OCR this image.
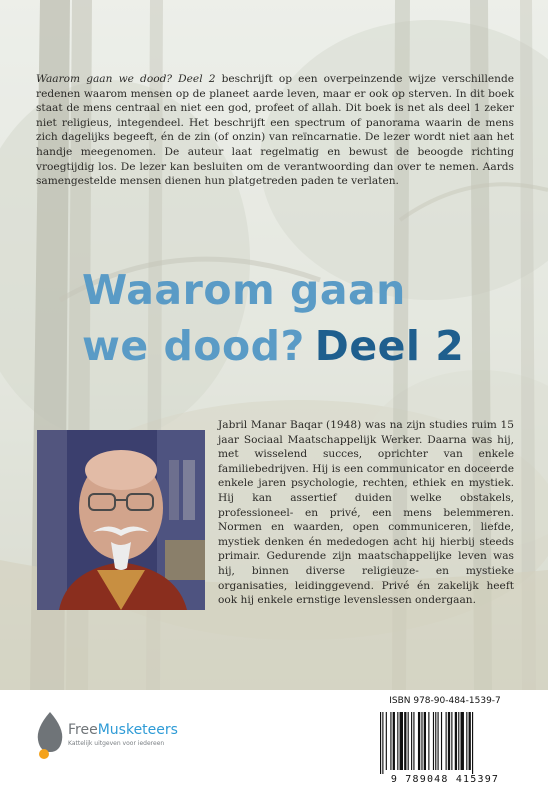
Waarom gaan we dood? Deel 2 beschrijft op een overpeinzende wijze verschillende redenen waarom mensen op de planeet aarde leven, maar er ook op sterven. In dit boek staat de mens centraal en niet een god, profeet of allah. Dit boek is net als deel 1 zeker niet religieus, integendeel. Het beschrijft een spectrum of panorama waarin de mens zich dagelijks begeeft, én de zin (of onzin) van reïncarnatie. De lezer wordt niet aan het handje meegenomen. De auteur laat regelmatig en bewust de beoogde richting vroegtijdig los. De lezer kan besluiten om de verantwoording dan over te nemen. Aards samengestelde mensen dienen hun platgetreden paden te verlaten.

Waarom gaan
we dood? Deel 2

Jabril Manar Baqar (1948) was na zijn studies ruim 15 jaar Sociaal Maatschappelijk Werker. Daarna was hij, met wisselend succes, oprichter van enkele familiebedrijven. Hij is een communicator en doceerde enkele jaren psychologie, rechten, ethiek en mystiek. Hij kan assertief duiden welke obstakels, professioneel- en privé, een mens belemmeren. Normen en waarden, open communiceren, liefde, mystiek denken én mededogen acht hij hierbij steeds primair. Gedurende zijn maatschappelijke leven was hij, binnen diverse religieuze- en mystieke organisaties, leidinggevend. Privé én zakelijk heeft ook hij enkele ernstige levenslessen ondergaan.

FreeMusketeers
Kattelijk uitgeven voor iedereen
ISBN 978-90-484-1539-7
9 789048 415397
